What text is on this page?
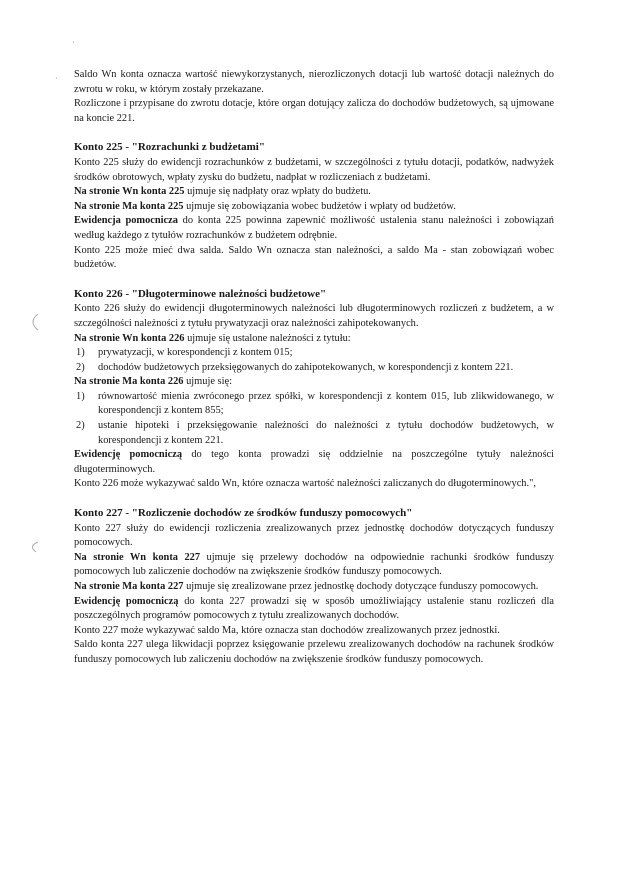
·
· Saldo Wn konta oznacza wartość niewykorzystanych, nierozliczonych dotacji lub wartość dotacji należnych do zwrotu w roku, w którym zostały przekazane.

Rozliczone i przypisane do zwrotu dotacje, które organ dotujący zalicza do dochodów budżetowych, są ujmowane na koncie 221.

Konto 225 - "Rozrachunki z budżetami"

Konto 225 służy do ewidencji rozrachunków z budżetami, w szczególności z tytułu dotacji, podatków, nadwyżek środków obrotowych, wpłaty zysku do budżetu, nadpłat w rozliczeniach z budżetami.

Na stronie Wn konta 225 ujmuje się nadpłaty oraz wpłaty do budżetu.

Na stronie Ma konta 225 ujmuje się zobowiązania wobec budżetów i wpłaty od budżetów.

Ewidencja pomocnicza do konta 225 powinna zapewnić możliwość ustalenia stanu należności i zobowiązań według każdego z tytułów rozrachunków z budżetem odrębnie.

Konto 225 może mieć dwa salda. Saldo Wn oznacza stan należności, a saldo Ma - stan zobowiązań wobec budżetów.

Konto 226 - "Długoterminowe należności budżetowe"

Konto 226 służy do ewidencji długoterminowych należności lub długoterminowych rozliczeń z budżetem, a w szczególności należności z tytułu prywatyzacji oraz należności zahipotekowanych.

Na stronie Wn konta 226 ujmuje się ustalone należności z tytułu:

1)	prywatyzacji, w korespondencji z kontem 015;
2)	dochodów budżetowych przeksięgowanych do zahipotekowanych, w korespondencji z kontem 221.

Na stronie Ma konta 226 ujmuje się:

1)	równowartość mienia zwróconego przez spółki, w korespondencji z kontem 015, lub zlikwidowanego, w korespondencji z kontem 855;
2)	ustanie hipoteki i przeksięgowanie należności do należności z tytułu dochodów budżetowych, w korespondencji z kontem 221.

Ewidencję pomocniczą do tego konta prowadzi się oddzielnie na poszczególne tytuły należności długoterminowych.

Konto 226 może wykazywać saldo Wn, które oznacza wartość należności zaliczanych do długoterminowych.",

Konto 227 - "Rozliczenie dochodów ze środków funduszy pomocowych"

Konto 227 służy do ewidencji rozliczenia zrealizowanych przez jednostkę dochodów dotyczących funduszy pomocowych.

Na stronie Wn konta 227 ujmuje się przelewy dochodów na odpowiednie rachunki środków funduszy pomocowych lub zaliczenie dochodów na zwiększenie środków funduszy pomocowych.

Na stronie Ma konta 227 ujmuje się zrealizowane przez jednostkę dochody dotyczące funduszy pomocowych.

Ewidencję pomocniczą do konta 227 prowadzi się w sposób umożliwiający ustalenie stanu rozliczeń dla poszczególnych programów pomocowych z tytułu zrealizowanych dochodów.

Konto 227 może wykazywać saldo Ma, które oznacza stan dochodów zrealizowanych przez jednostki.

Saldo konta 227 ulega likwidacji poprzez księgowanie przelewu zrealizowanych dochodów na rachunek środków funduszy pomocowych lub zaliczeniu dochodów na zwiększenie środków funduszy pomocowych.
